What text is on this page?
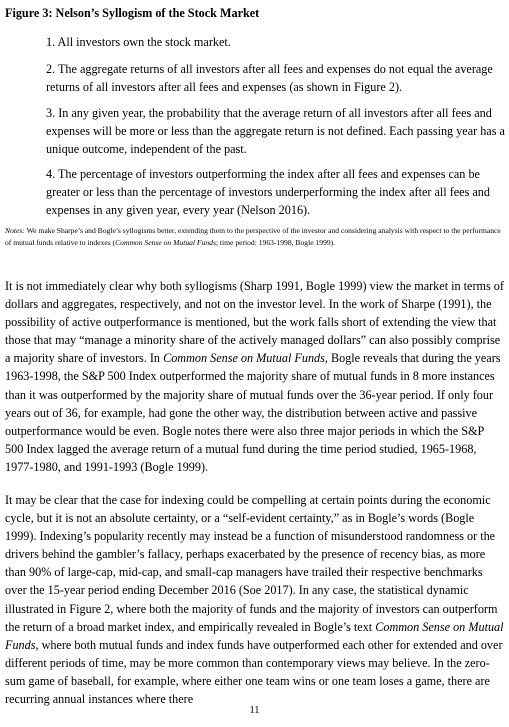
Figure 3: Nelson’s Syllogism of the Stock Market

1. All investors own the stock market.

2. The aggregate returns of all investors after all fees and expenses do not equal the average returns of all investors after all fees and expenses (as shown in Figure 2).

3. In any given year, the probability that the average return of all investors after all fees and expenses will be more or less than the aggregate return is not defined. Each passing year has a unique outcome, independent of the past.

4. The percentage of investors outperforming the index after all fees and expenses can be greater or less than the percentage of investors underperforming the index after all fees and expenses in any given year, every year (Nelson 2016).

Notes: We make Sharpe’s and Bogle’s syllogisms better, extending them to the perspective of the investor and considering analysis with respect to the performance of mutual funds relative to indexes (Common Sense on Mutual Funds; time period: 1963-1998, Bogle 1999).

It is not immediately clear why both syllogisms (Sharp 1991, Bogle 1999) view the market in terms of dollars and aggregates, respectively, and not on the investor level. In the work of Sharpe (1991), the possibility of active outperformance is mentioned, but the work falls short of extending the view that those that may “manage a minority share of the actively managed dollars” can also possibly comprise a majority share of investors. In Common Sense on Mutual Funds, Bogle reveals that during the years 1963-1998, the S&P 500 Index outperformed the majority share of mutual funds in 8 more instances than it was outperformed by the majority share of mutual funds over the 36-year period. If only four years out of 36, for example, had gone the other way, the distribution between active and passive outperformance would be even. Bogle notes there were also three major periods in which the S&P 500 Index lagged the average return of a mutual fund during the time period studied, 1965-1968, 1977-1980, and 1991-1993 (Bogle 1999).

It may be clear that the case for indexing could be compelling at certain points during the economic cycle, but it is not an absolute certainty, or a “self-evident certainty,” as in Bogle’s words (Bogle 1999). Indexing’s popularity recently may instead be a function of misunderstood randomness or the drivers behind the gambler’s fallacy, perhaps exacerbated by the presence of recency bias, as more than 90% of large-cap, mid-cap, and small-cap managers have trailed their respective benchmarks over the 15-year period ending December 2016 (Soe 2017). In any case, the statistical dynamic illustrated in Figure 2, where both the majority of funds and the majority of investors can outperform the return of a broad market index, and empirically revealed in Bogle’s text Common Sense on Mutual Funds, where both mutual funds and index funds have outperformed each other for extended and over different periods of time, may be more common than contemporary views may believe. In the zero-sum game of baseball, for example, where either one team wins or one team loses a game, there are recurring annual instances where there

11
